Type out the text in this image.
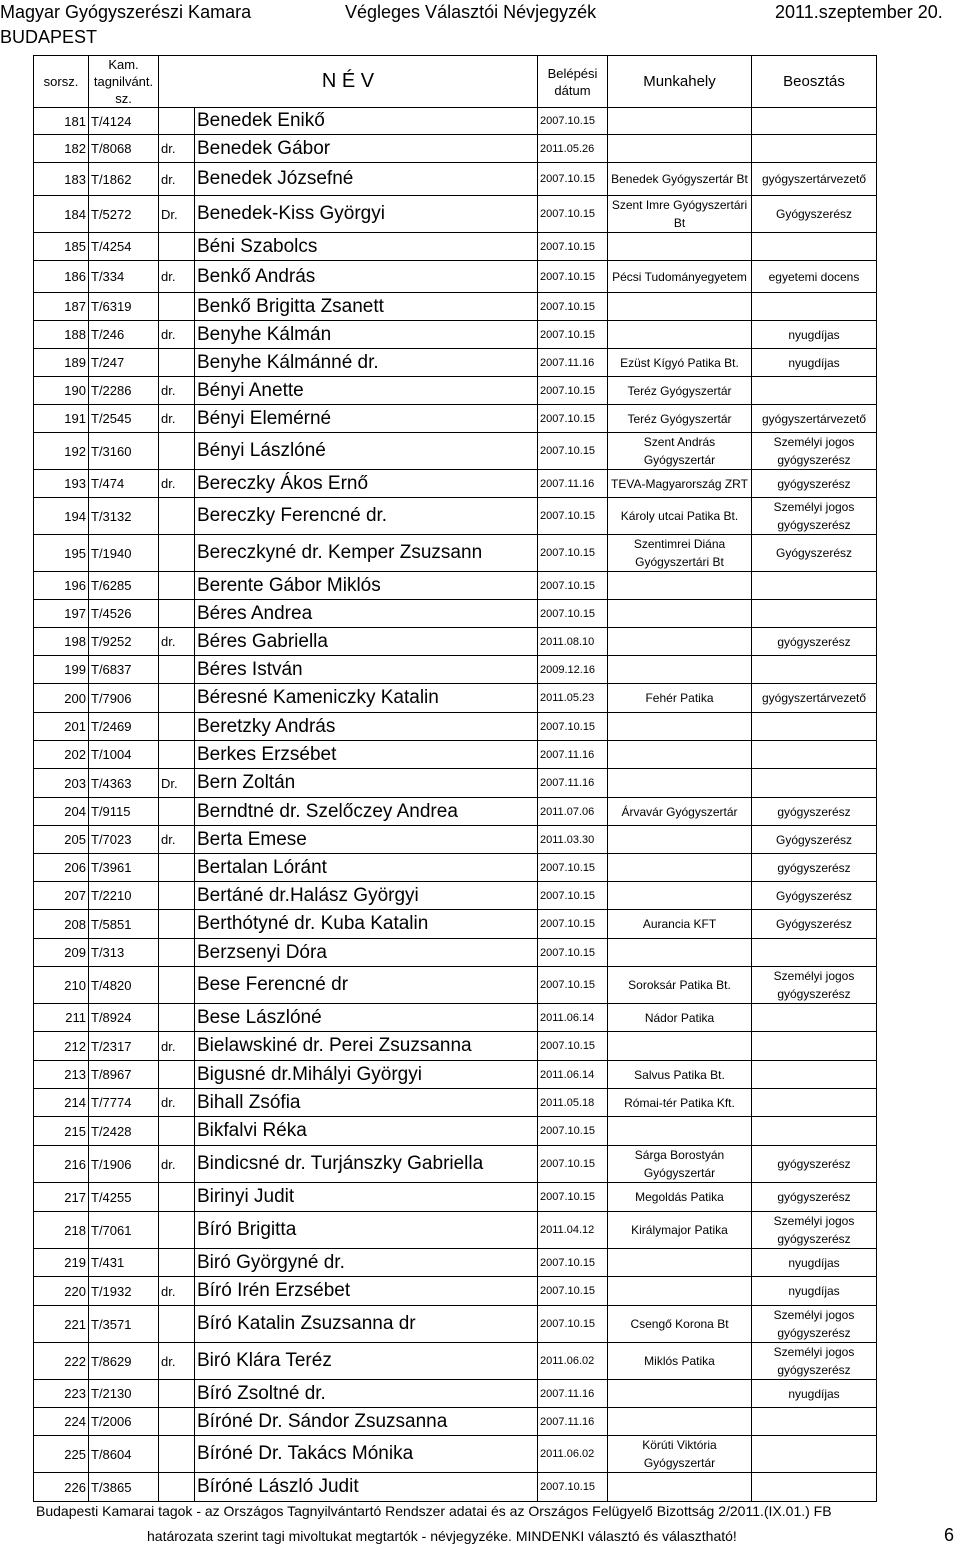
Magyar Gyógyszerészi Kamara
BUDAPEST
Végleges Választói Névjegyzék	2011.szeptember 20.
sorsz.	Kam. tagnilvánt. sz.	N É V		Belépési dátum	Munkahely	Beosztás
181	T/4124		Benedek Enikő	2007.10.15		
182	T/8068	dr.	Benedek Gábor	2011.05.26		
183	T/1862	dr.	Benedek Józsefné	2007.10.15	Benedek Gyógyszertár Bt	gyógyszertárvezető
184	T/5272	Dr.	Benedek-Kiss Györgyi	2007.10.15	Szent Imre Gyógyszertári Bt	Gyógyszerész
185	T/4254		Béni Szabolcs	2007.10.15		
186	T/334	dr.	Benkő András	2007.10.15	Pécsi Tudományegyetem	egyetemi docens
187	T/6319		Benkő Brigitta Zsanett	2007.10.15		
188	T/246	dr.	Benyhe Kálmán	2007.10.15		nyugdíjas
189	T/247		Benyhe Kálmánné dr.	2007.11.16	Ezüst Kígyó Patika Bt.	nyugdíjas
190	T/2286	dr.	Bényi Anette	2007.10.15	Teréz Gyógyszertár	
191	T/2545	dr.	Bényi Elemérné	2007.10.15	Teréz Gyógyszertár	gyógyszertárvezető
192	T/3160		Bényi Lászlóné	2007.10.15	Szent András Gyógyszertár	Személyi jogos gyógyszerész
193	T/474	dr.	Bereczky Ákos Ernő	2007.11.16	TEVA-Magyarország ZRT	gyógyszerész
194	T/3132		Bereczky Ferencné dr.	2007.10.15	Károly utcai Patika Bt.	Személyi jogos gyógyszerész
195	T/1940		Bereczkyné dr. Kemper Zsuzsann	2007.10.15	Szentimrei Diána Gyógyszertári Bt	Gyógyszerész
196	T/6285		Berente Gábor Miklós	2007.10.15		
197	T/4526		Béres Andrea	2007.10.15		
198	T/9252	dr.	Béres Gabriella	2011.08.10		gyógyszerész
199	T/6837		Béres István	2009.12.16		
200	T/7906		Béresné Kameniczky Katalin	2011.05.23	Fehér Patika	gyógyszertárvezető
201	T/2469		Beretzky András	2007.10.15		
202	T/1004		Berkes Erzsébet	2007.11.16		
203	T/4363	Dr.	Bern Zoltán	2007.11.16		
204	T/9115		Berndtné dr. Szelőczey Andrea	2011.07.06	Árvavár Gyógyszertár	gyógyszerész
205	T/7023	dr.	Berta Emese	2011.03.30		Gyógyszerész
206	T/3961		Bertalan Lóránt	2007.10.15		gyógyszerész
207	T/2210		Bertáné dr.Halász Györgyi	2007.10.15		Gyógyszerész
208	T/5851		Berthótyné dr. Kuba Katalin	2007.10.15	Aurancia KFT	Gyógyszerész
209	T/313		Berzsenyi Dóra	2007.10.15		
210	T/4820		Bese Ferencné dr	2007.10.15	Soroksár Patika Bt.	Személyi jogos gyógyszerész
211	T/8924		Bese Lászlóné	2011.06.14	Nádor Patika	
212	T/2317	dr.	Bielawskiné dr. Perei Zsuzsanna	2007.10.15		
213	T/8967		Bigusné dr.Mihályi Györgyi	2011.06.14	Salvus Patika Bt.	
214	T/7774	dr.	Bihall Zsófia	2011.05.18	Római-tér Patika Kft.	
215	T/2428		Bikfalvi Réka	2007.10.15		
216	T/1906	dr.	Bindicsné dr. Turjánszky Gabriella	2007.10.15	Sárga Borostyán Gyógyszertár	gyógyszerész
217	T/4255		Birinyi Judit	2007.10.15	Megoldás Patika	gyógyszerész
218	T/7061		Bíró Brigitta	2011.04.12	Királymajor Patika	Személyi jogos gyógyszerész
219	T/431		Biró Györgyné dr.	2007.10.15		nyugdíjas
220	T/1932	dr.	Bíró Irén Erzsébet	2007.10.15		nyugdíjas
221	T/3571		Bíró Katalin Zsuzsanna dr	2007.10.15	Csengő Korona Bt	Személyi jogos gyógyszerész
222	T/8629	dr.	Biró Klára Teréz	2011.06.02	Miklós Patika	Személyi jogos gyógyszerész
223	T/2130		Bíró Zsoltné dr.	2007.11.16		nyugdíjas
224	T/2006		Bíróné Dr. Sándor Zsuzsanna	2007.11.16		
225	T/8604		Bíróné Dr. Takács Mónika	2011.06.02	Körúti Viktória Gyógyszertár	
226	T/3865		Bíróné László Judit	2007.10.15		
Budapesti Kamarai tagok - az Országos Tagnyilvántartó Rendszer adatai és az Országos Felügyelő Bizottság 2/2011.(IX.01.) FB
határozata szerint tagi mivoltukat megtartók - névjegyzéke. MINDENKI választó és választható!	6
